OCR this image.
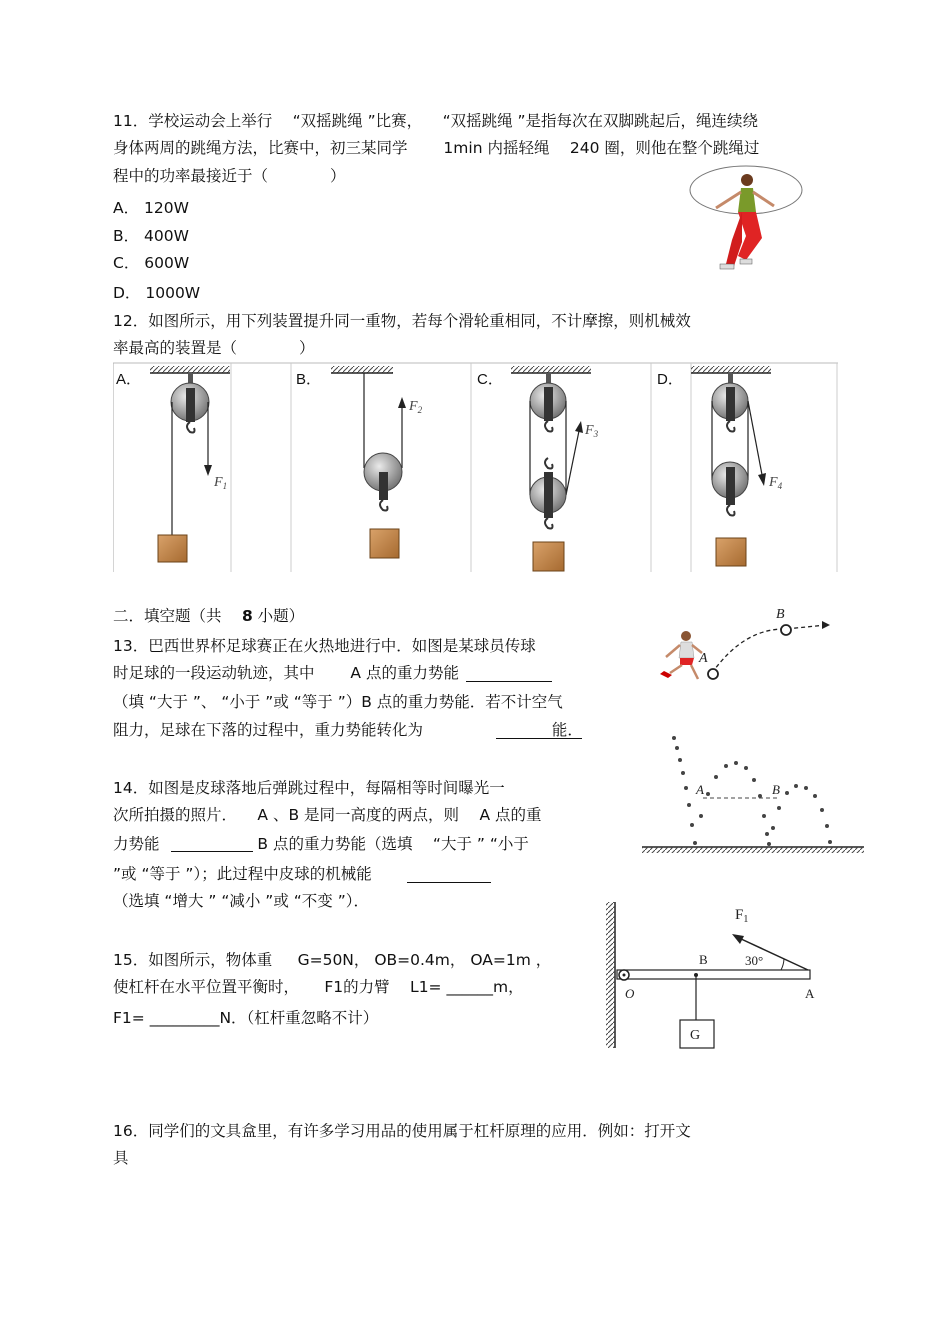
11．学校运动会上举行 　“双摇跳绳 ”比赛， 　“双摇跳绳 ”是指每次在双脚跳起后，绳连续绕
身体两周的跳绳方法，比赛中，初三某同学 　　1min 内摇轻绳 　240 圈，则他在整个跳绳过
程中的功率最接近于（　　　　）
A． 120W
B． 400W
C． 600W
D． 1000W
12．如图所示，用下列装置提升同一重物，若每个滑轮重相同，不计摩擦，则机械效
率最高的装置是（　　　　）
$F_1$
$F_2$
$F_3$
$F_4$
A．	B．	C．	D．
二．填空题（共 　8 小题）
13．巴西世界杯足球赛正在火热地进行中．如图是某球员传球
时足球的一段运动轨迹，其中 　　A 点的重力势能
（填 “大于 ”、 “小于 ”或 “等于 ”）B 点的重力势能．若不计空气
阻力，足球在下落的过程中，重力势能转化为 　　　　　　　　能．
A
B
14．如图是皮球落地后弹跳过程中，每隔相等时间曝光一
次所拍摄的照片． 　A 、B 是同一高度的两点，则 　A 点的重
力势能 　　　　　　B 点的重力势能（选填 　“大于 ” “小于
”或 “等于 ”）；此过程中皮球的机械能
（选填 “增大 ” “减小 ”或 “不变 ”）．
A	B
15．如图所示，物体重 　 G=50N， OB=0.4m， OA=1m ，
使杠杆在水平位置平衡时， 　 F1的力臂 　L1= ______m，
F1= _________N．（杠杆重忽略不计）
G
30°
$F_1$
O
B
A
16．同学们的文具盒里，有许多学习用品的使用属于杠杆原理的应用．例如：打开文
具
